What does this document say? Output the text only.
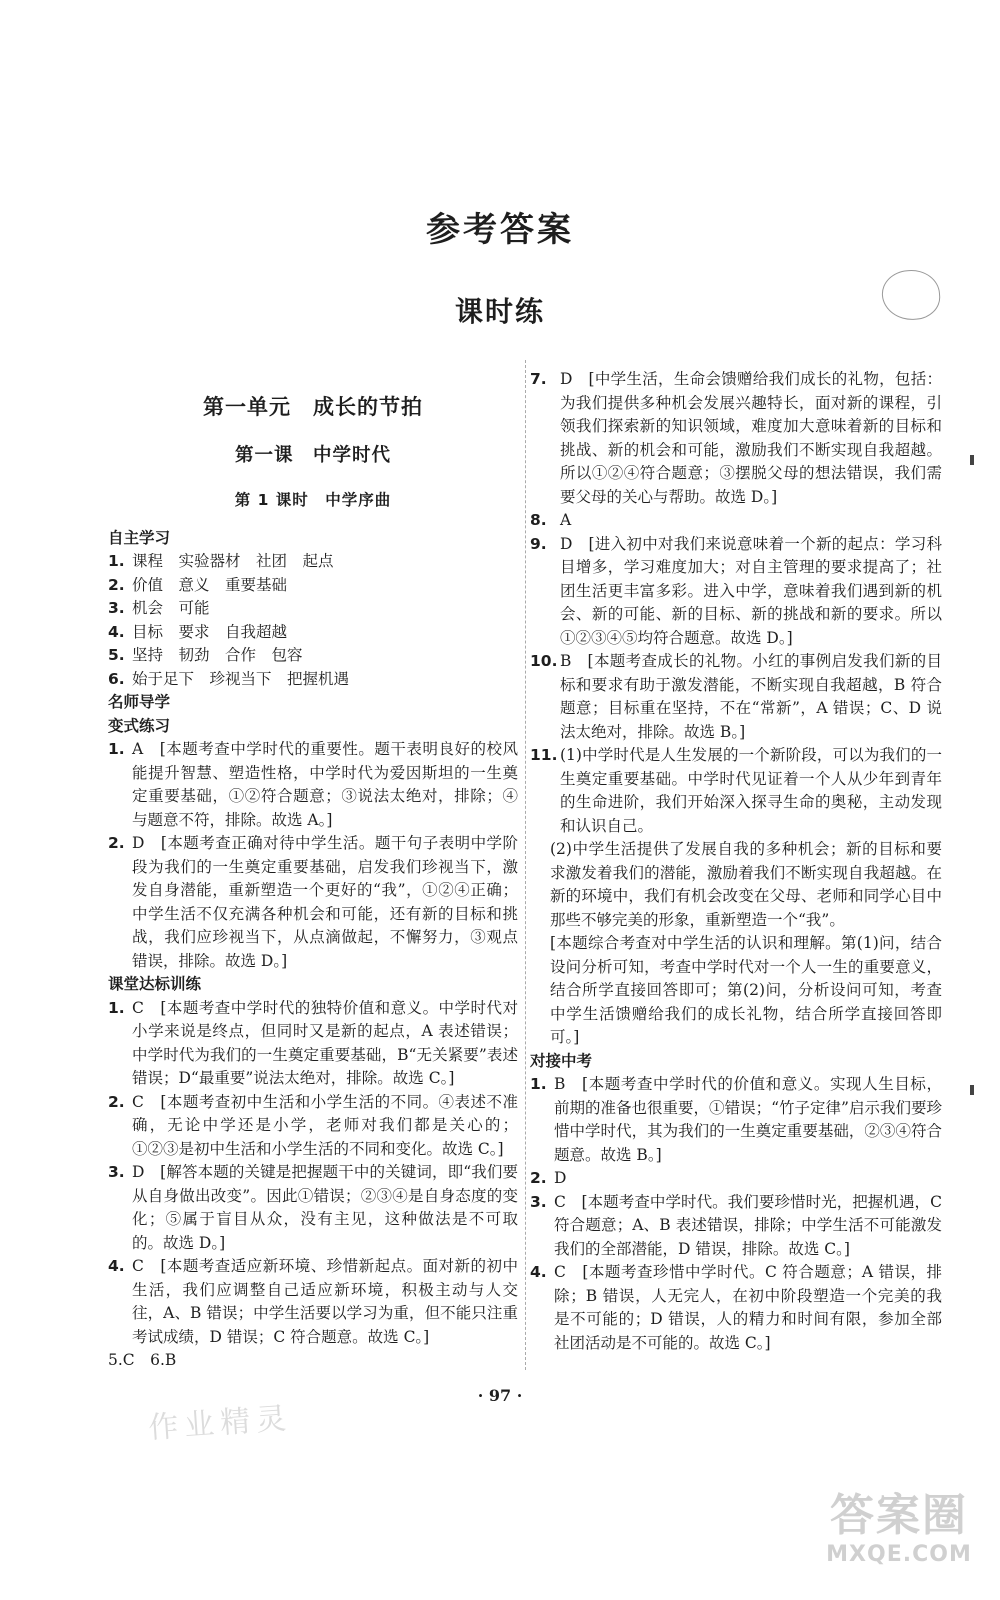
参考答案
课时练
第一单元　成长的节拍
第一课　中学时代
第 1 课时　中学序曲
自主学习
1. 课程　实验器材　社团　起点
2. 价值　意义　重要基础
3. 机会　可能
4. 目标　要求　自我超越
5. 坚持　韧劲　合作　包容
6. 始于足下　珍视当下　把握机遇
名师导学
变式练习
1. A　[本题考查中学时代的重要性。题干表明良好的校风能提升智慧、塑造性格，中学时代为爱因斯坦的一生奠定重要基础，①②符合题意；③说法太绝对，排除；④与题意不符，排除。故选 A。]
2. D　[本题考查正确对待中学生活。题干句子表明中学阶段为我们的一生奠定重要基础，启发我们珍视当下，激发自身潜能，重新塑造一个更好的“我”，①②④正确；中学生活不仅充满各种机会和可能，还有新的目标和挑战，我们应珍视当下，从点滴做起，不懈努力，③观点错误，排除。故选 D。]
课堂达标训练
1. C　[本题考查中学时代的独特价值和意义。中学时代对小学来说是终点，但同时又是新的起点，A 表述错误；中学时代为我们的一生奠定重要基础，B“无关紧要”表述错误；D“最重要”说法太绝对，排除。故选 C。]
2. C　[本题考查初中生活和小学生活的不同。④表述不准确，无论中学还是小学，老师对我们都是关心的；①②③是初中生活和小学生活的不同和变化。故选 C。]
3. D　[解答本题的关键是把握题干中的关键词，即“我们要从自身做出改变”。因此①错误；②③④是自身态度的变化；⑤属于盲目从众，没有主见，这种做法是不可取的。故选 D。]
4. C　[本题考查适应新环境、珍惜新起点。面对新的初中生活，我们应调整自己适应新环境，积极主动与人交往，A、B 错误；中学生活要以学习为重，但不能只注重考试成绩，D 错误；C 符合题意。故选 C。]
5.C　6.B
7. D　[中学生活，生命会馈赠给我们成长的礼物，包括：为我们提供多种机会发展兴趣特长，面对新的课程，引领我们探索新的知识领域，难度加大意味着新的目标和挑战、新的机会和可能，激励我们不断实现自我超越。所以①②④符合题意；③摆脱父母的想法错误，我们需要父母的关心与帮助。故选 D。]
8. A
9. D　[进入初中对我们来说意味着一个新的起点：学习科目增多，学习难度加大；对自主管理的要求提高了；社团生活更丰富多彩。进入中学，意味着我们遇到新的机会、新的可能、新的目标、新的挑战和新的要求。所以①②③④⑤均符合题意。故选 D。]
10. B　[本题考查成长的礼物。小红的事例启发我们新的目标和要求有助于激发潜能，不断实现自我超越，B 符合题意；目标重在坚持，不在“常新”，A 错误；C、D 说法太绝对，排除。故选 B。]
11. (1)中学时代是人生发展的一个新阶段，可以为我们的一生奠定重要基础。中学时代见证着一个人从少年到青年的生命进阶，我们开始深入探寻生命的奥秘，主动发现和认识自己。
(2)中学生活提供了发展自我的多种机会；新的目标和要求激发着我们的潜能，激励着我们不断实现自我超越。在新的环境中，我们有机会改变在父母、老师和同学心目中那些不够完美的形象，重新塑造一个“我”。
[本题综合考查对中学生活的认识和理解。第(1)问，结合设问分析可知，考查中学时代对一个人一生的重要意义，结合所学直接回答即可；第(2)问，分析设问可知，考查中学生活馈赠给我们的成长礼物，结合所学直接回答即可。]
对接中考
1. B　[本题考查中学时代的价值和意义。实现人生目标，前期的准备也很重要，①错误；“竹子定律”启示我们要珍惜中学时代，其为我们的一生奠定重要基础，②③④符合题意。故选 B。]
2. D
3. C　[本题考查中学时代。我们要珍惜时光，把握机遇，C 符合题意；A、B 表述错误，排除；中学生活不可能激发我们的全部潜能，D 错误，排除。故选 C。]
4. C　[本题考查珍惜中学时代。C 符合题意；A 错误，排除；B 错误，人无完人，在初中阶段塑造一个完美的我是不可能的；D 错误，人的精力和时间有限，参加全部社团活动是不可能的。故选 C。]
· 97 ·
作业精灵
答案圈
MXQE.COM
